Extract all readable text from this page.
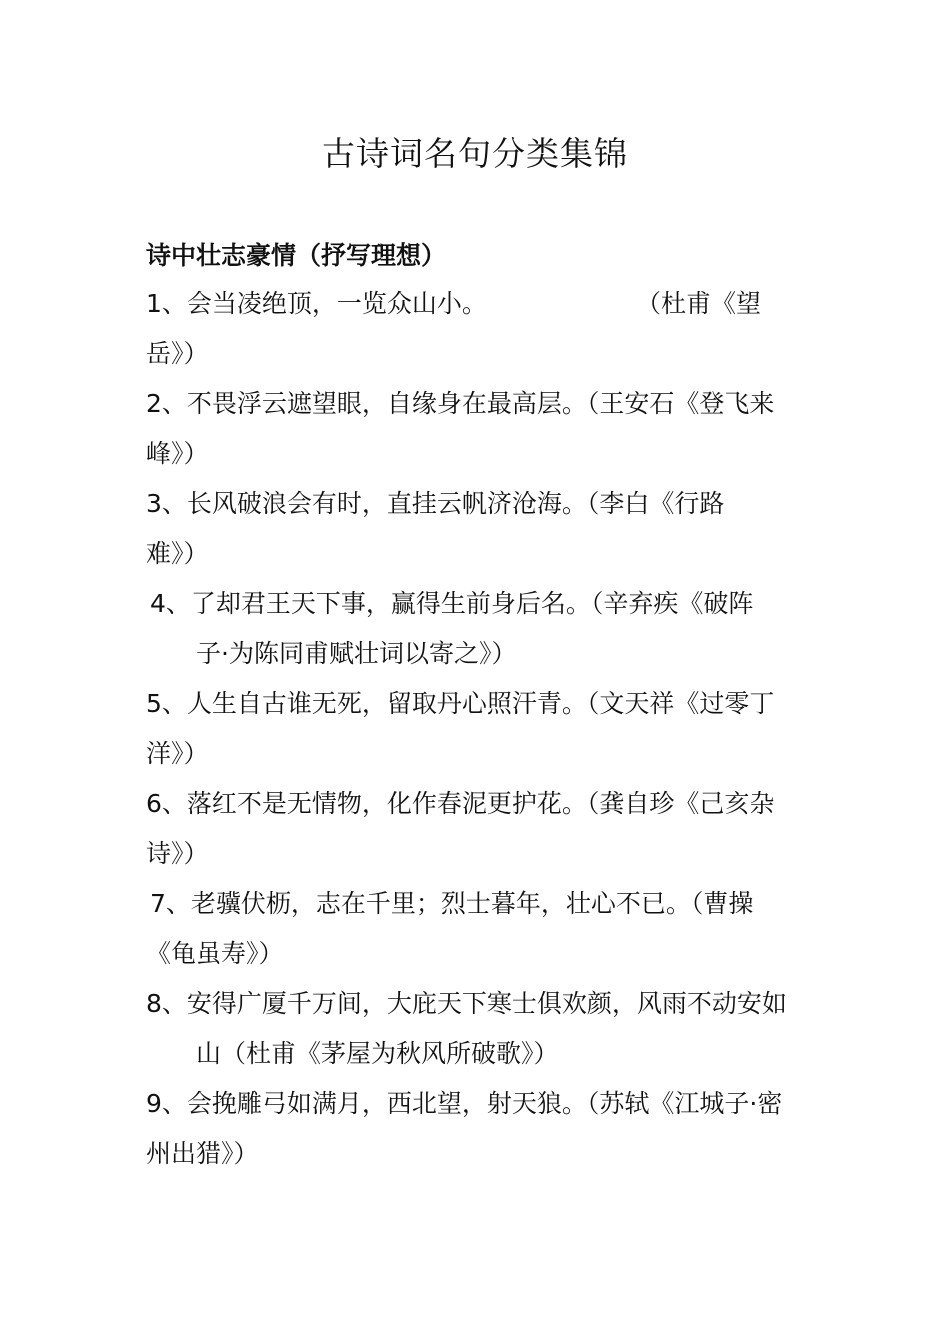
古诗词名句分类集锦
诗中壮志豪情（抒写理想）
1、会当凌绝顶，一览众山小。	（杜甫《望
岳》）
2、不畏浮云遮望眼，自缘身在最高层。（王安石《登飞来
峰》）
3、长风破浪会有时，直挂云帆济沧海。（李白《行路
难》）
4、了却君王天下事，赢得生前身后名。（辛弃疾《破阵
子·为陈同甫赋壮词以寄之》）
5、人生自古谁无死，留取丹心照汗青。（文天祥《过零丁
洋》）
6、落红不是无情物，化作春泥更护花。（龚自珍《己亥杂
诗》）
7、老骥伏枥，志在千里；烈士暮年，壮心不已。（曹操
《龟虽寿》）
8、安得广厦千万间，大庇天下寒士俱欢颜，风雨不动安如
山（杜甫《茅屋为秋风所破歌》）
9、会挽雕弓如满月，西北望，射天狼。（苏轼《江城子·密
州出猎》）
